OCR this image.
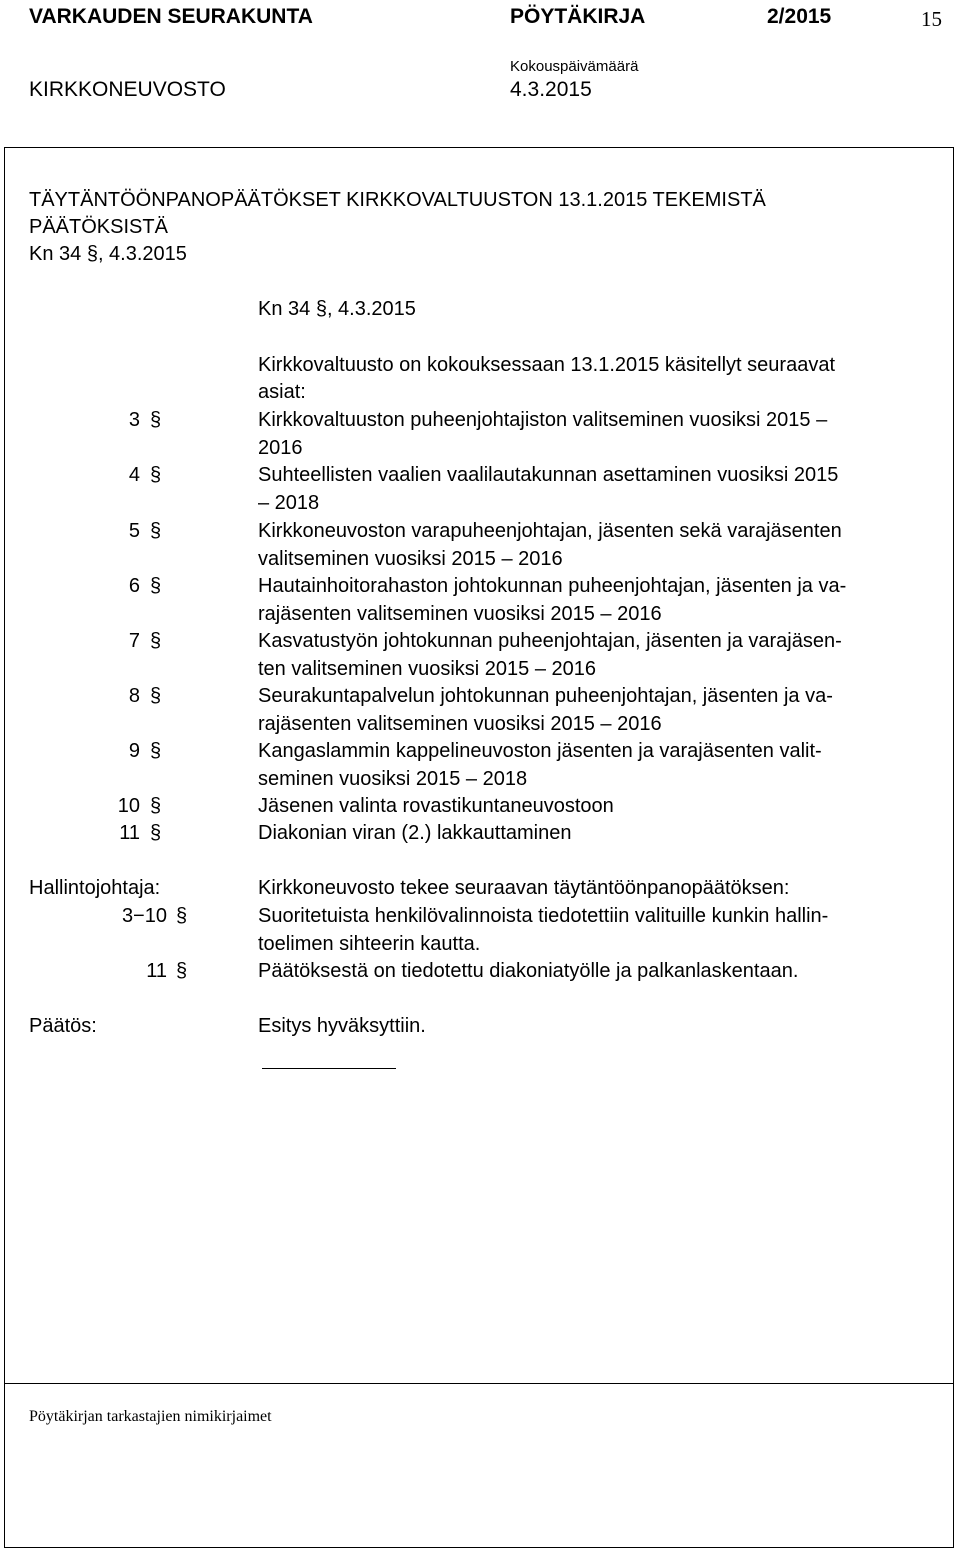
VARKAUDEN SEURAKUNTA	PÖYTÄKIRJA	2/2015	15
KIRKKONEUVOSTO
Kokouspäivämäärä
4.3.2015
TÄYTÄNTÖÖNPANOPÄÄTÖKSET KIRKKOVALTUUSTON 13.1.2015 TEKEMISTÄ
PÄÄTÖKSISTÄ
Kn 34 §, 4.3.2015
Kn 34 §, 4.3.2015
Kirkkovaltuusto on kokouksessaan 13.1.2015 käsitellyt seuraavat
asiat:
3 §	Kirkkovaltuuston puheenjohtajiston valitseminen vuosiksi 2015 –
2016
4 §	Suhteellisten vaalien vaalilautakunnan asettaminen vuosiksi 2015
– 2018
5 §	Kirkkoneuvoston varapuheenjohtajan, jäsenten sekä varajäsenten
valitseminen vuosiksi 2015 – 2016
6 §	Hautainhoitorahaston johtokunnan puheenjohtajan, jäsenten ja va-
rajäsenten valitseminen vuosiksi 2015 – 2016
7 §	Kasvatustyön johtokunnan puheenjohtajan, jäsenten ja varajäsen-
ten valitseminen vuosiksi 2015 – 2016
8 §	Seurakuntapalvelun johtokunnan puheenjohtajan, jäsenten ja va-
rajäsenten valitseminen vuosiksi 2015 – 2016
9 §	Kangaslammin kappelineuvoston jäsenten ja varajäsenten valit-
seminen vuosiksi 2015 – 2018
10 §	Jäsenen valinta rovastikuntaneuvostoon
11 §	Diakonian viran (2.) lakkauttaminen
Hallintojohtaja:	Kirkkoneuvosto tekee seuraavan täytäntöönpanopäätöksen:
3−10 §	Suoritetuista henkilövalinnoista tiedotettiin valituille kunkin hallin-
toelimen sihteerin kautta.
11 §	Päätöksestä on tiedotettu diakoniatyölle ja palkanlaskentaan.
Päätös:	Esitys hyväksyttiin.
Pöytäkirjan tarkastajien nimikirjaimet
